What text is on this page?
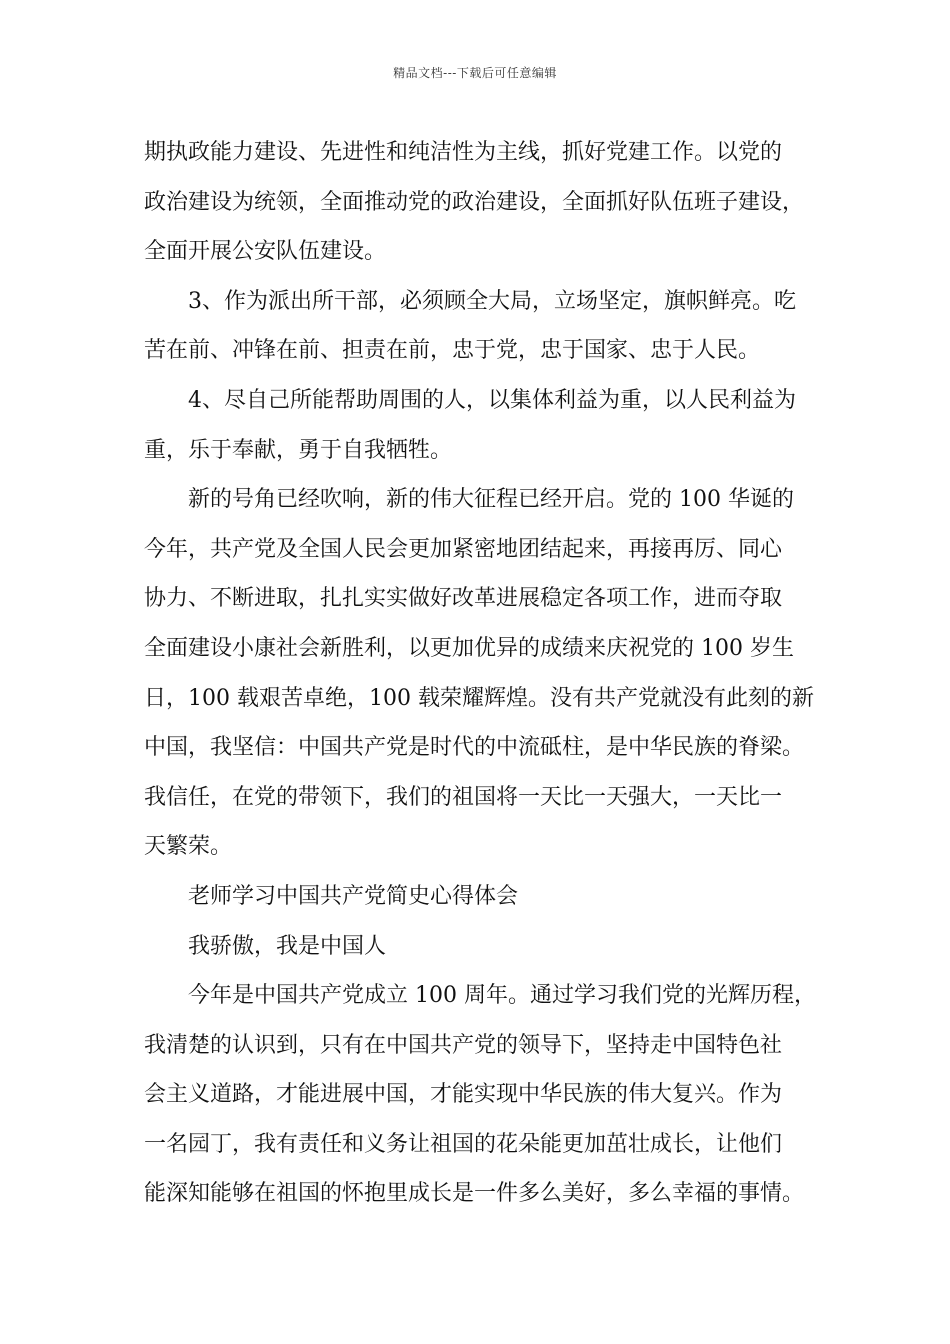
精品文档---下载后可任意编辑
期执政能力建设、先进性和纯洁性为主线，抓好党建工作。以党的
政治建设为统领，全面推动党的政治建设，全面抓好队伍班子建设，
全面开展公安队伍建设。
3、作为派出所干部，必须顾全大局，立场坚定，旗帜鲜亮。吃
苦在前、冲锋在前、担责在前，忠于党，忠于国家、忠于人民。
4、尽自己所能帮助周围的人，以集体利益为重，以人民利益为
重，乐于奉献，勇于自我牺牲。
新的号角已经吹响，新的伟大征程已经开启。党的 100 华诞的
今年，共产党及全国人民会更加紧密地团结起来，再接再厉、同心
协力、不断进取，扎扎实实做好改革进展稳定各项工作，进而夺取
全面建设小康社会新胜利，以更加优异的成绩来庆祝党的 100 岁生
日，100 载艰苦卓绝，100 载荣耀辉煌。没有共产党就没有此刻的新
中国，我坚信：中国共产党是时代的中流砥柱，是中华民族的脊梁。
我信任，在党的带领下，我们的祖国将一天比一天强大，一天比一
天繁荣。
老师学习中国共产党简史心得体会
我骄傲，我是中国人
今年是中国共产党成立 100 周年。通过学习我们党的光辉历程，
我清楚的认识到，只有在中国共产党的领导下，坚持走中国特色社
会主义道路，才能进展中国，才能实现中华民族的伟大复兴。作为
一名园丁，我有责任和义务让祖国的花朵能更加茁壮成长，让他们
能深知能够在祖国的怀抱里成长是一件多么美好，多么幸福的事情。
